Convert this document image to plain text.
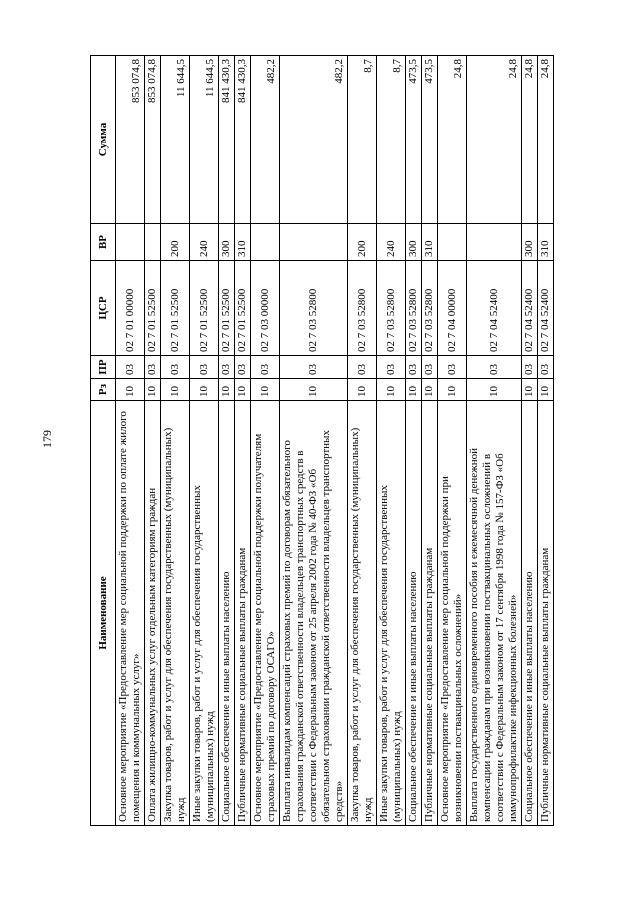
179
Наименование	Рз	ПР	ЦСР	ВР	Сумма
Основное мероприятие «Предоставление мер социальной поддержки по оплате жилого помещения и коммунальных услуг»	10	03	02 7 01 00000		853 074,8
Оплата жилищно-коммунальных услуг отдельным категориям граждан	10	03	02 7 01 52500		853 074,8
Закупка товаров, работ и услуг для обеспечения государственных (муниципальных) нужд	10	03	02 7 01 52500	200	11 644,5
Иные закупки товаров, работ и услуг для обеспечения государственных (муниципальных) нужд	10	03	02 7 01 52500	240	11 644,5
Социальное обеспечение и иные выплаты населению	10	03	02 7 01 52500	300	841 430,3
Публичные нормативные социальные выплаты гражданам	10	03	02 7 01 52500	310	841 430,3
Основное мероприятие «Предоставление мер социальной поддержки получателям страховых премий по договору ОСАГО»	10	03	02 7 03 00000		482,2
Выплата инвалидам компенсаций страховых премий по договорам обязательного страхования гражданской ответственности владельцев транспортных средств в соответствии с Федеральным законом от 25 апреля 2002 года № 40-ФЗ «Об обязательном страховании гражданской ответственности владельцев транспортных средств»	10	03	02 7 03 52800		482,2
Закупка товаров, работ и услуг для обеспечения государственных (муниципальных) нужд	10	03	02 7 03 52800	200	8,7
Иные закупки товаров, работ и услуг для обеспечения государственных (муниципальных) нужд	10	03	02 7 03 52800	240	8,7
Социальное обеспечение и иные выплаты населению	10	03	02 7 03 52800	300	473,5
Публичные нормативные социальные выплаты гражданам	10	03	02 7 03 52800	310	473,5
Основное мероприятие «Предоставление мер социальной поддержки при возникновении поствакцинальных осложнений»	10	03	02 7 04 00000		24,8
Выплата государственного единовременного пособия и ежемесячной денежной компенсации гражданам при возникновении поствакцинальных осложнений в соответствии с Федеральным законом от 17 сентября 1998 года № 157-ФЗ «Об иммунопрофилактике инфекционных болезней»	10	03	02 7 04 52400		24,8
Социальное обеспечение и иные выплаты населению	10	03	02 7 04 52400	300	24,8
Публичные нормативные социальные выплаты гражданам	10	03	02 7 04 52400	310	24,8
